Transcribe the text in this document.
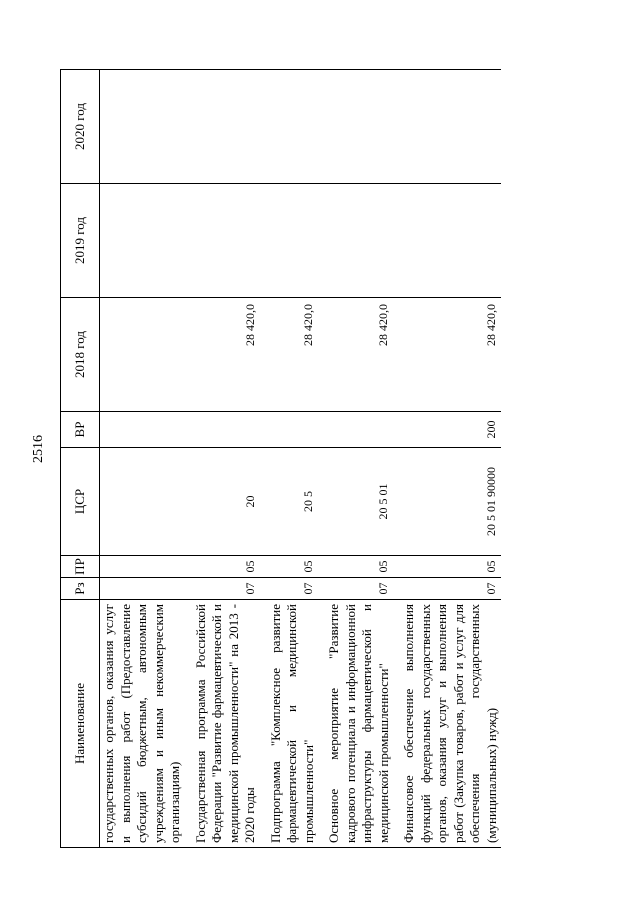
2516
Наименование	Рз	ПР	ЦСР	ВР	2018 год	2019 год	2020 год
государственных органов, оказания услуг и выполнения работ (Предоставление субсидий бюджетным, автономным учреждениям и иным некоммерческим организациям)							
Государственная программа Российской Федерации "Развитие фармацевтической и медицинской промышленности" на 2013 - 2020 годы	07	05	20		28 420,0		
Подпрограмма "Комплексное развитие фармацевтической и медицинской промышленности"	07	05	20 5		28 420,0		
Основное мероприятие "Развитие кадрового потенциала и информационной инфраструктуры фармацевтической и медицинской промышленности"	07	05	20 5 01		28 420,0		
Финансовое обеспечение выполнения функций федеральных государственных органов, оказания услуг и выполнения работ (Закупка товаров, работ и услуг для обеспечения государственных (муниципальных) нужд)	07	05	20 5 01 90000	200	28 420,0		
